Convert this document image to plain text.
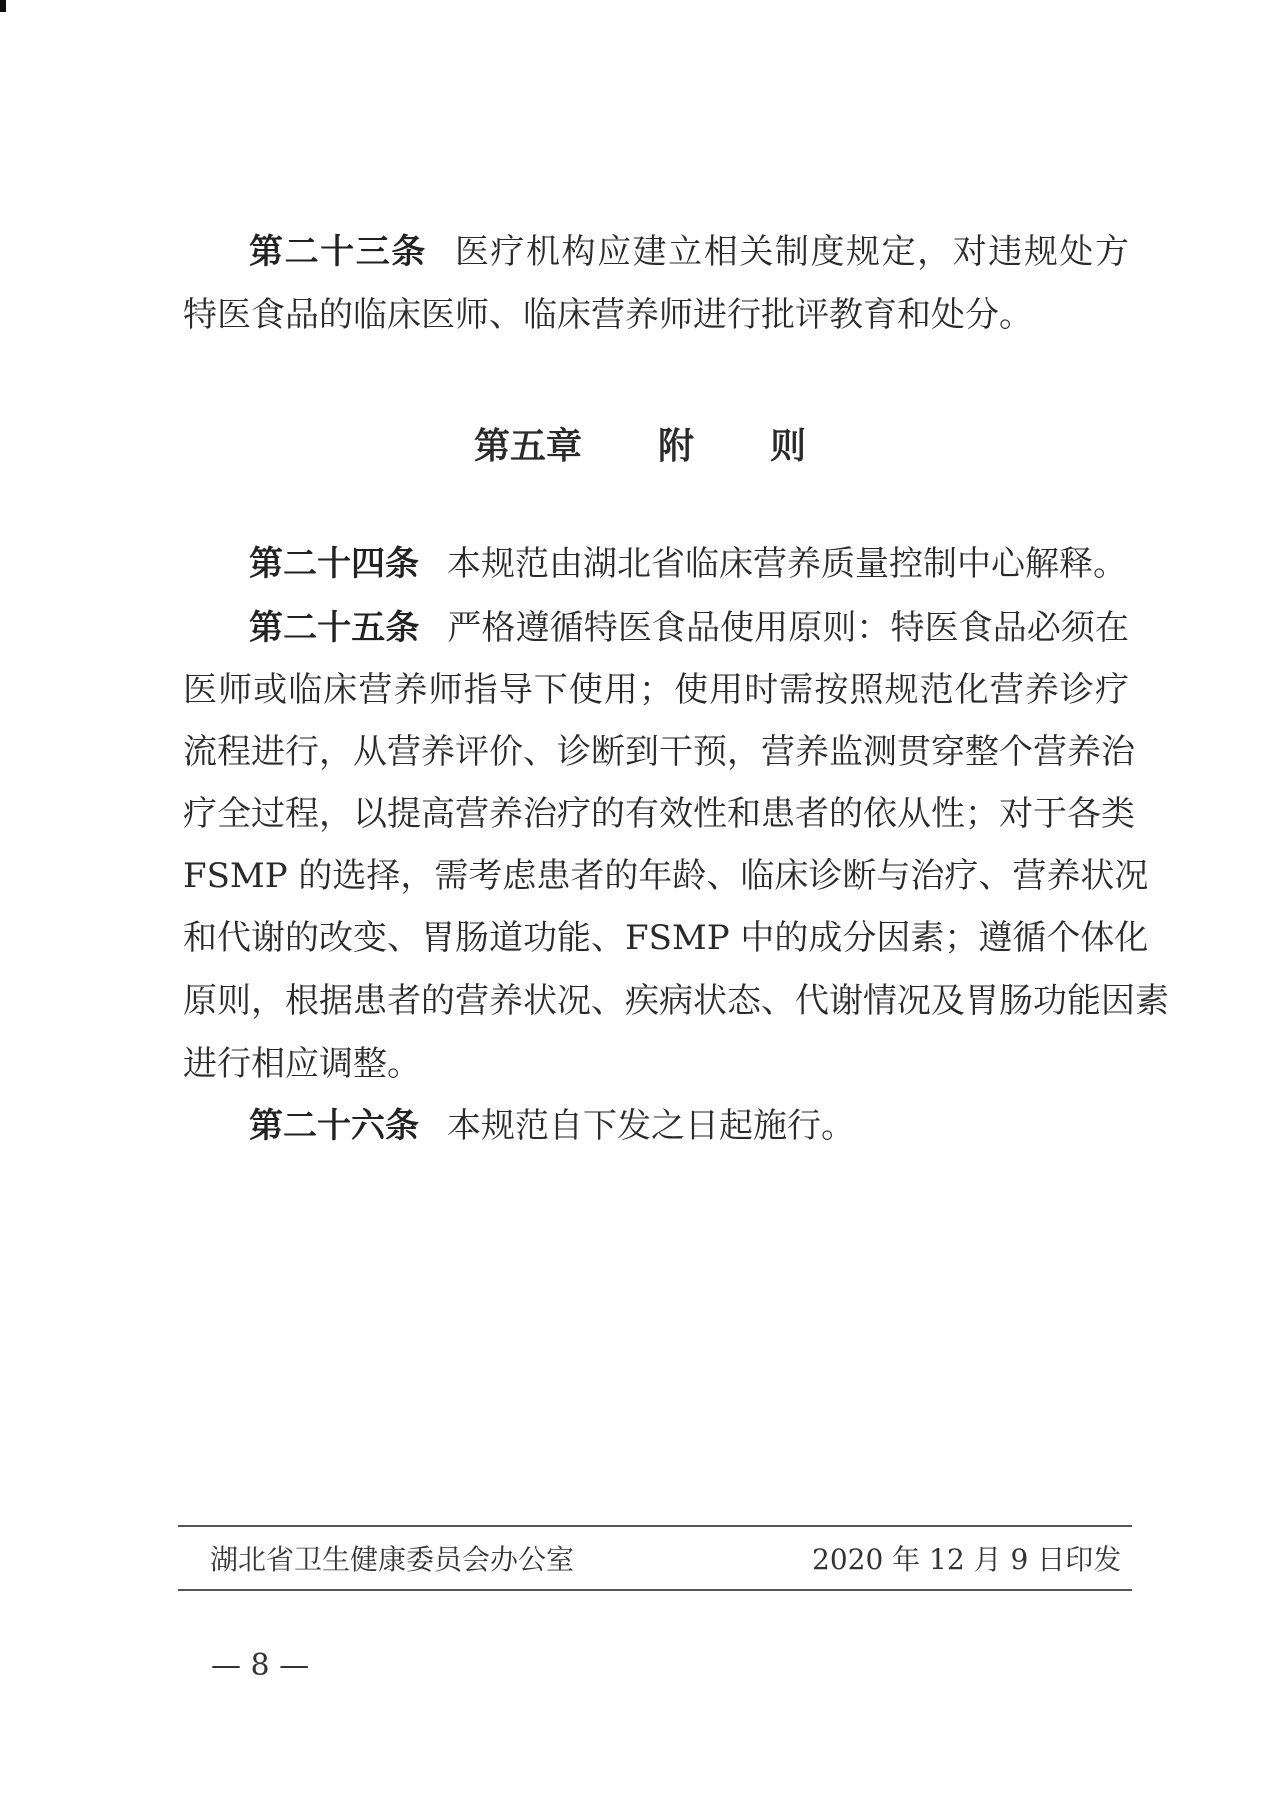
第二十三条 医疗机构应建立相关制度规定，对违规处方
特医食品的临床医师、临床营养师进行批评教育和处分。
第五章 附 则
第二十四条 本规范由湖北省临床营养质量控制中心解释。
第二十五条 严格遵循特医食品使用原则：特医食品必须在
医师或临床营养师指导下使用；使用时需按照规范化营养诊疗
流程进行，从营养评价、诊断到干预，营养监测贯穿整个营养治
疗全过程，以提高营养治疗的有效性和患者的依从性；对于各类
FSMP 的选择，需考虑患者的年龄、临床诊断与治疗、营养状况
和代谢的改变、胃肠道功能、FSMP 中的成分因素；遵循个体化
原则，根据患者的营养状况、疾病状态、代谢情况及胃肠功能因素
进行相应调整。
第二十六条 本规范自下发之日起施行。
湖北省卫生健康委员会办公室	2020 年 12 月 9 日印发
— 8 —
